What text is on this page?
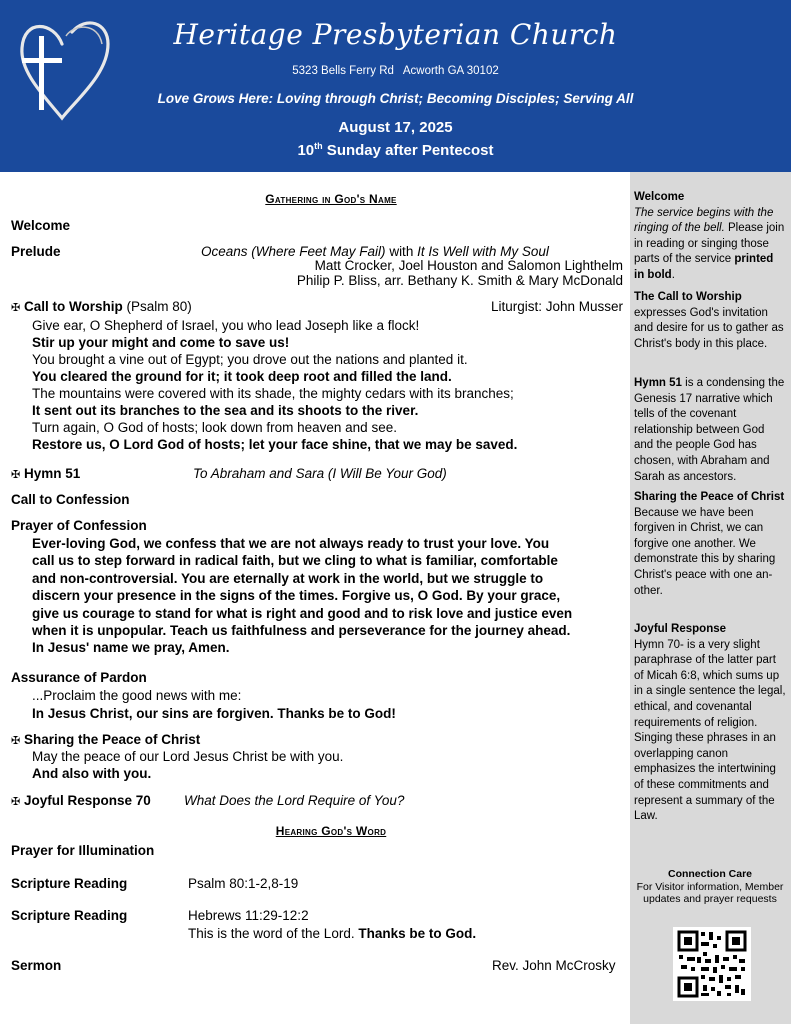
Heritage Presbyterian Church
5323 Bells Ferry Rd   Acworth GA 30102
Love Grows Here: Loving through Christ; Becoming Disciples; Serving All
August 17, 2025
10th Sunday after Pentecost
Welcome
The service begins with the ringing of the bell. Please join in reading or singing those parts of the service printed in bold.
The Call to Worship
expresses God's invitation and desire for us to gather as Christ's body in this place.
Hymn 51 is a condensing the Genesis 17 narrative which tells of the covenant relationship between God and the people God has chosen, with Abraham and Sarah as ancestors.
Sharing the Peace of Christ
Because we have been forgiven in Christ, we can forgive one another. We demonstrate this by sharing Christ's peace with one an- other.
Joyful Response
Hymn 70- is a very slight paraphrase of the latter part of Micah 6:8, which sums up in a single sentence the legal, ethical, and covenantal requirements of religion. Singing these phrases in an overlapping canon emphasizes the intertwining of these commitments and represent a summary of the Law.
Connection Care
For Visitor information, Member updates and prayer requests
Gathering in God's Name
Welcome
Prelude	Oceans (Where Feet May Fail) with It Is Well with My Soul
Matt Crocker, Joel Houston and Salomon Lighthelm
Philip P. Bliss, arr. Bethany K. Smith & Mary McDonald
✠ Call to Worship (Psalm 80)	Liturgist: John Musser
Give ear, O Shepherd of Israel, you who lead Joseph like a flock!
Stir up your might and come to save us!
You brought a vine out of Egypt; you drove out the nations and planted it.
You cleared the ground for it; it took deep root and filled the land.
The mountains were covered with its shade, the mighty cedars with its branches;
It sent out its branches to the sea and its shoots to the river.
Turn again, O God of hosts; look down from heaven and see.
Restore us, O Lord God of hosts; let your face shine, that we may be saved.
✠ Hymn 51	To Abraham and Sara (I Will Be Your God)
Call to Confession
Prayer of Confession
Ever-loving God, we confess that we are not always ready to trust your love. You
call us to step forward in radical faith, but we cling to what is familiar, comfortable
and non-controversial. You are eternally at work in the world, but we struggle to
discern your presence in the signs of the times. Forgive us, O God. By your grace,
give us courage to stand for what is right and good and to risk love and justice even
when it is unpopular. Teach us faithfulness and perseverance for the journey ahead.
In Jesus' name we pray, Amen.
Assurance of Pardon
...Proclaim the good news with me:
In Jesus Christ, our sins are forgiven. Thanks be to God!
✠ Sharing the Peace of Christ
May the peace of our Lord Jesus Christ be with you.
And also with you.
✠ Joyful Response 70 What Does the Lord Require of You?
Hearing God's Word
Prayer for Illumination
Scripture Reading	Psalm 80:1-2,8-19
Scripture Reading	Hebrews 11:29-12:2
This is the word of the Lord. Thanks be to God.
Sermon	Rev. John McCrosky
